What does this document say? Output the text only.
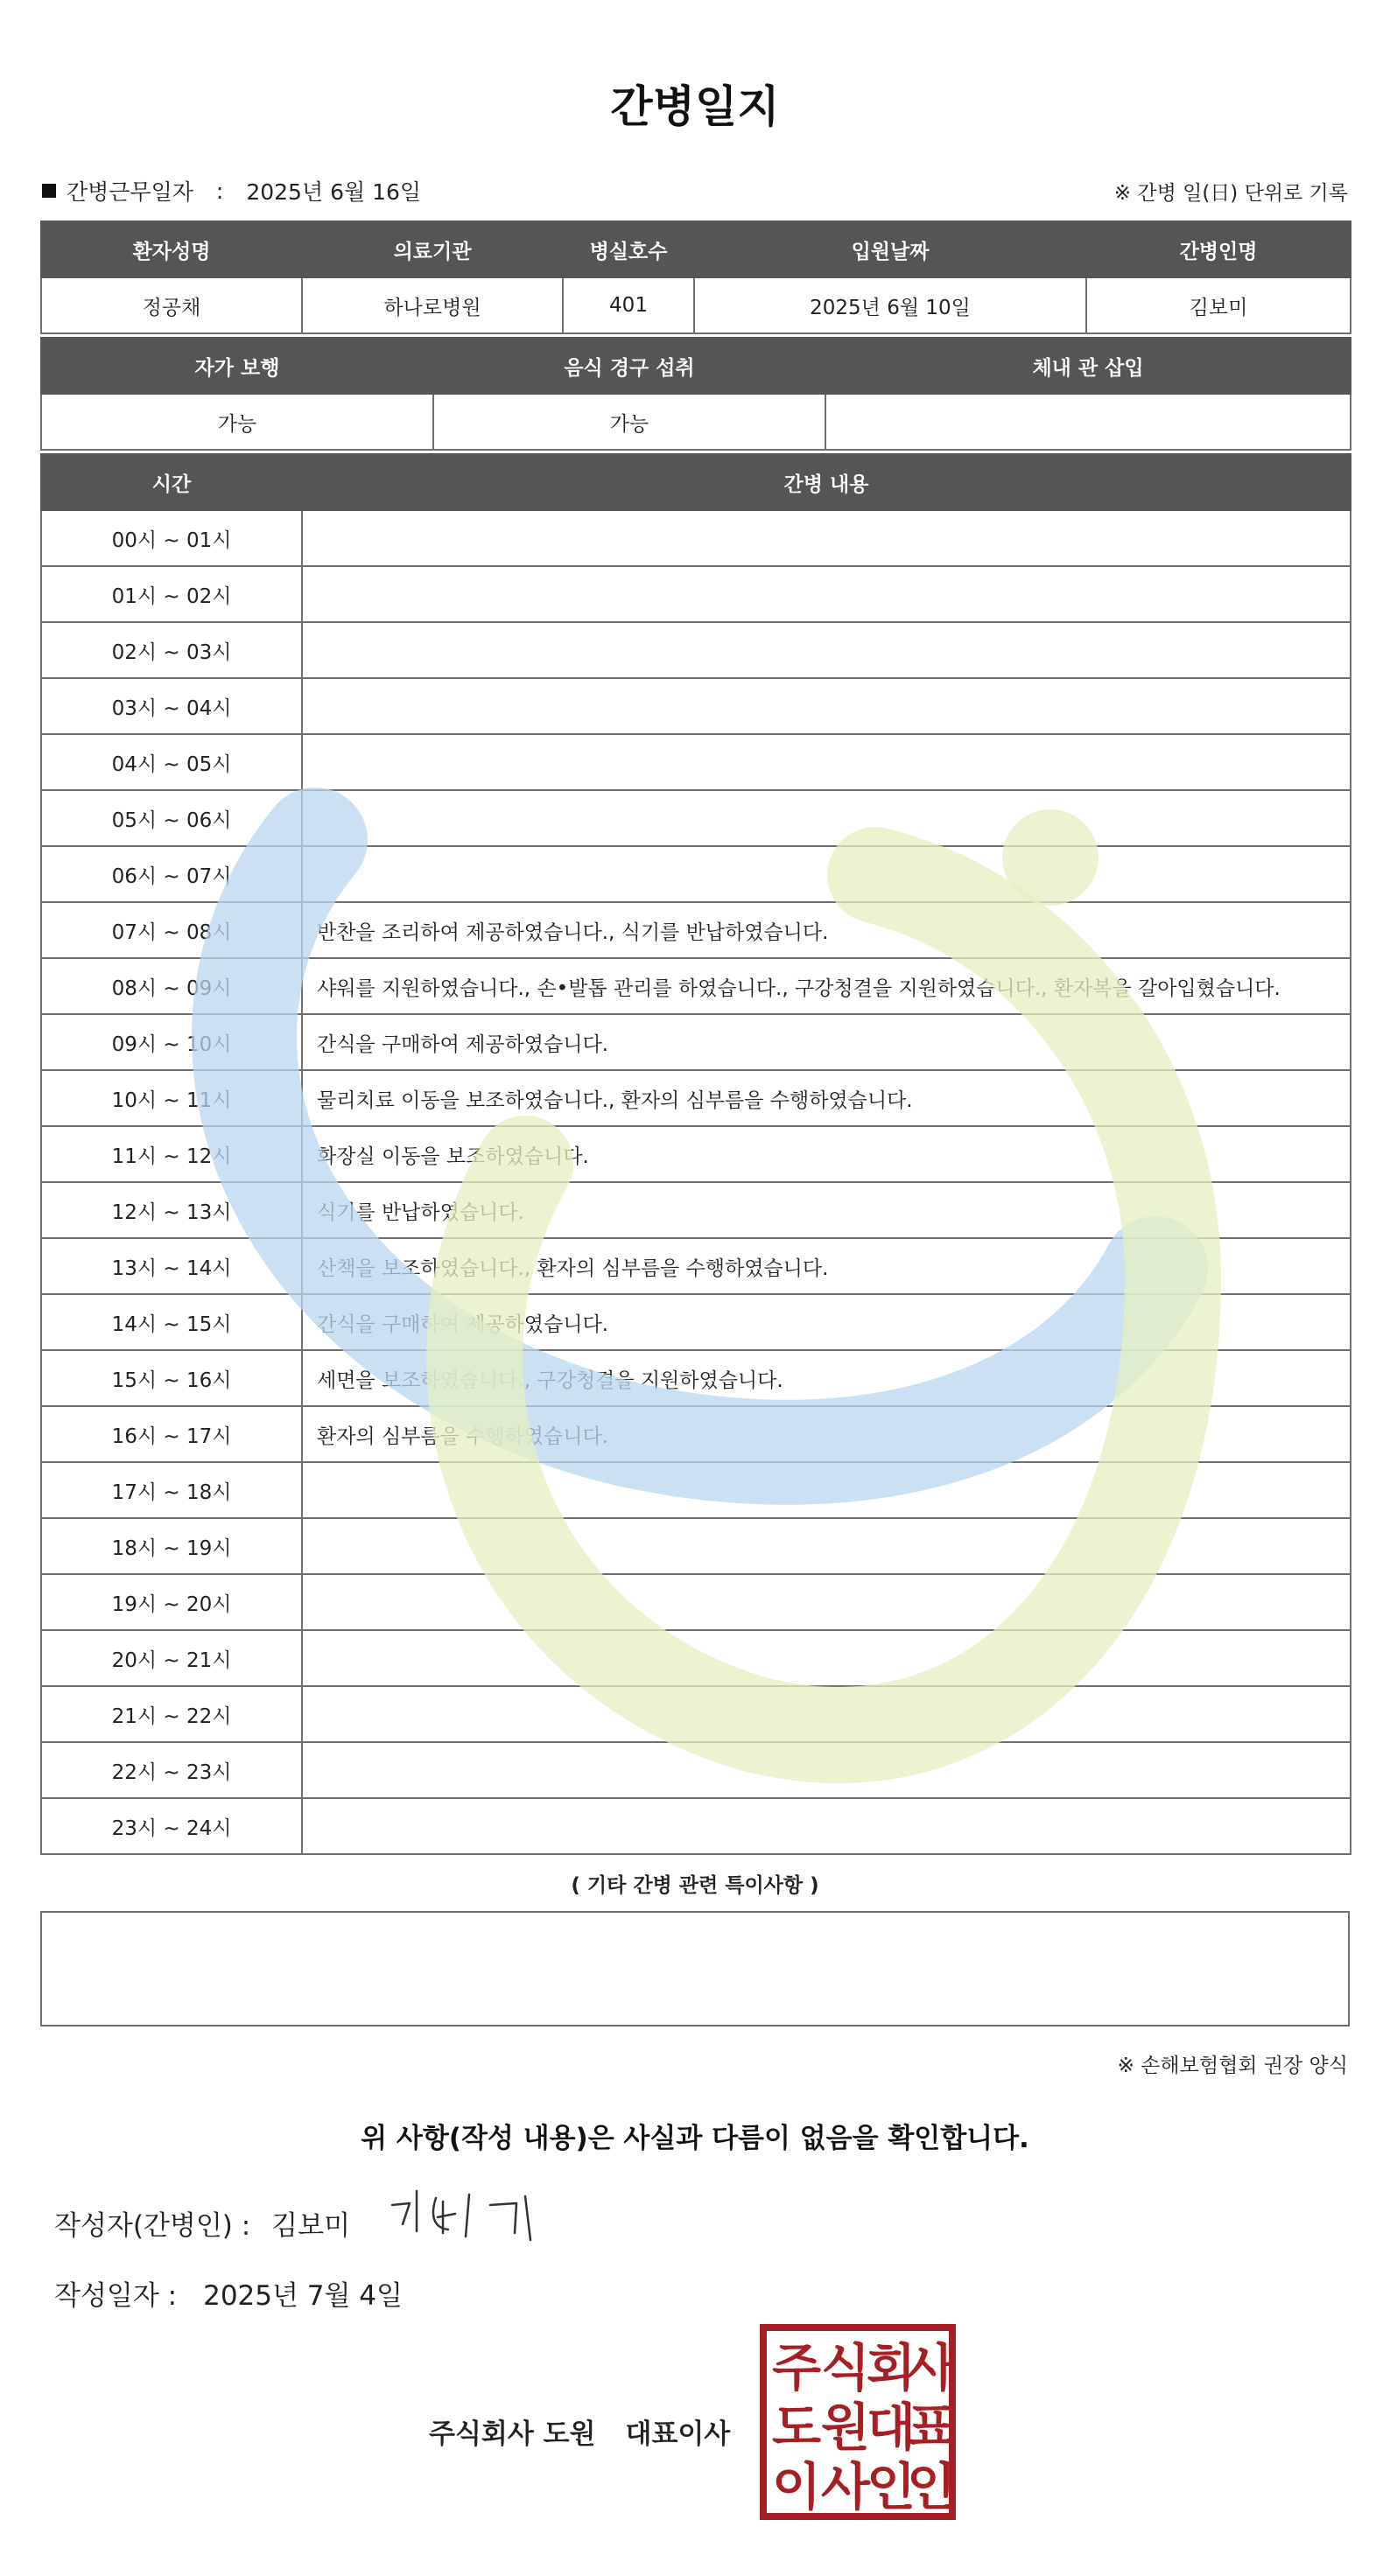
간병일지
간병근무일자 : 2025년 6월 16일	※ 간병 일(日) 단위로 기록
환자성명	의료기관	병실호수	입원날짜	간병인명
정공채	하나로병원	401	2025년 6월 10일	김보미
자가 보행	음식 경구 섭취	체내 관 삽입
가능	가능	
시간	간병 내용
00시 ~ 01시	
01시 ~ 02시	
02시 ~ 03시	
03시 ~ 04시	
04시 ~ 05시	
05시 ~ 06시	
06시 ~ 07시	
07시 ~ 08시	반찬을 조리하여 제공하였습니다., 식기를 반납하였습니다.
08시 ~ 09시	샤워를 지원하였습니다., 손•발톱 관리를 하였습니다., 구강청결을 지원하였습니다., 환자복을 갈아입혔습니다.
09시 ~ 10시	간식을 구매하여 제공하였습니다.
10시 ~ 11시	물리치료 이동을 보조하였습니다., 환자의 심부름을 수행하였습니다.
11시 ~ 12시	화장실 이동을 보조하였습니다.
12시 ~ 13시	식기를 반납하였습니다.
13시 ~ 14시	산책을 보조하였습니다., 환자의 심부름을 수행하였습니다.
14시 ~ 15시	간식을 구매하여 제공하였습니다.
15시 ~ 16시	세면을 보조하였습니다., 구강청결을 지원하였습니다.
16시 ~ 17시	환자의 심부름을 수행하였습니다.
17시 ~ 18시	
18시 ~ 19시	
19시 ~ 20시	
20시 ~ 21시	
21시 ~ 22시	
22시 ~ 23시	
23시 ~ 24시	
( 기타 간병 관련 특이사항 )
※ 손해보험협회 권장 양식
위 사항(작성 내용)은 사실과 다름이 없음을 확인합니다.
작성자(간병인) : 김보미
작성일자 : 2025년 7월 4일
주식회사 도원 대표이사
주 식
회
사
도 원
대
표
이 사
인
인
